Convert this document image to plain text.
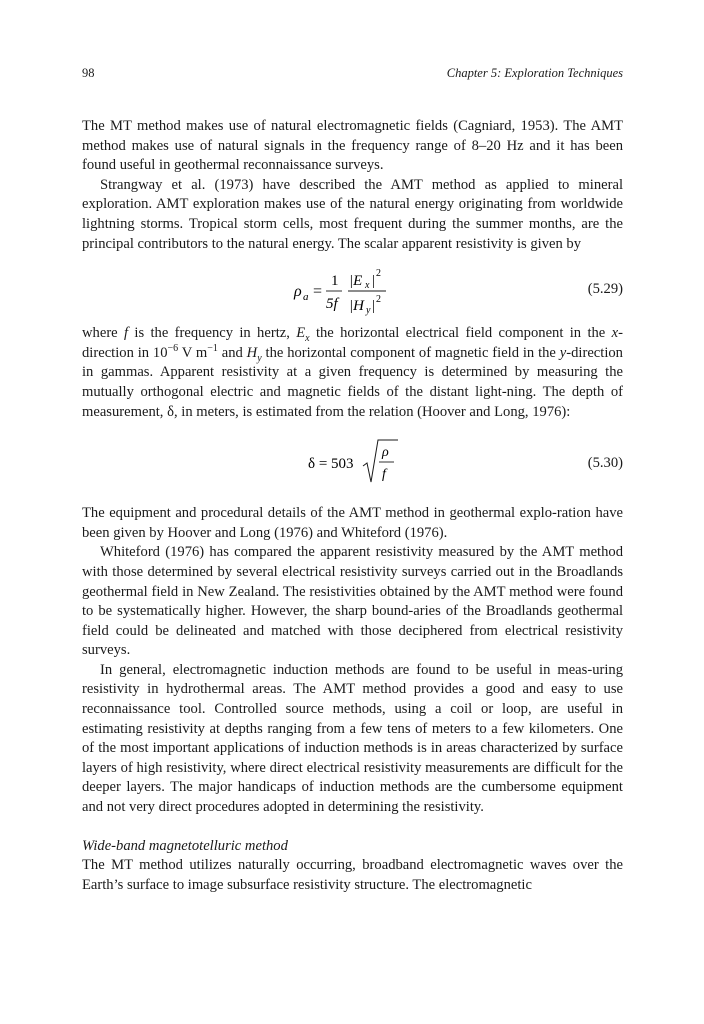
98	Chapter 5: Exploration Techniques

The MT method makes use of natural electromagnetic fields (Cagniard, 1953). The AMT method makes use of natural signals in the frequency range of 8–20 Hz and it has been found useful in geothermal reconnaissance surveys.

Strangway et al. (1973) have described the AMT method as applied to mineral exploration. AMT exploration makes use of the natural energy originating from worldwide lightning storms. Tropical storm cells, most frequent during the summer months, are the principal contributors to the natural energy. The scalar apparent resistivity is given by

ρ a =
1
5f
|E x | 2
|H y | 2
(5.29)

where f is the frequency in hertz, $E_x$ the horizontal electrical field component in the x-direction in $10^{-6}$ V $m^{-1}$ and $H_y$ the horizontal component of magnetic field in the y-direction in gammas. Apparent resistivity at a given frequency is determined by measuring the mutually orthogonal electric and magnetic fields of the distant light-ning. The depth of measurement, δ, in meters, is estimated from the relation (Hoover and Long, 1976):

δ = 503
ρ
f
(5.30)

The equipment and procedural details of the AMT method in geothermal explo-ration have been given by Hoover and Long (1976) and Whiteford (1976).

Whiteford (1976) has compared the apparent resistivity measured by the AMT method with those determined by several electrical resistivity surveys carried out in the Broadlands geothermal field in New Zealand. The resistivities obtained by the AMT method were found to be systematically higher. However, the sharp bound-aries of the Broadlands geothermal field could be delineated and matched with those deciphered from electrical resistivity surveys.

In general, electromagnetic induction methods are found to be useful in meas-uring resistivity in hydrothermal areas. The AMT method provides a good and easy to use reconnaissance tool. Controlled source methods, using a coil or loop, are useful in estimating resistivity at depths ranging from a few tens of meters to a few kilometers. One of the most important applications of induction methods is in areas characterized by surface layers of high resistivity, where direct electrical resistivity measurements are difficult for the deeper layers. The major handicaps of induction methods are the cumbersome equipment and not very direct procedures adopted in determining the resistivity.

Wide-band magnetotelluric method

The MT method utilizes naturally occurring, broadband electromagnetic waves over the Earth’s surface to image subsurface resistivity structure. The electromagnetic
